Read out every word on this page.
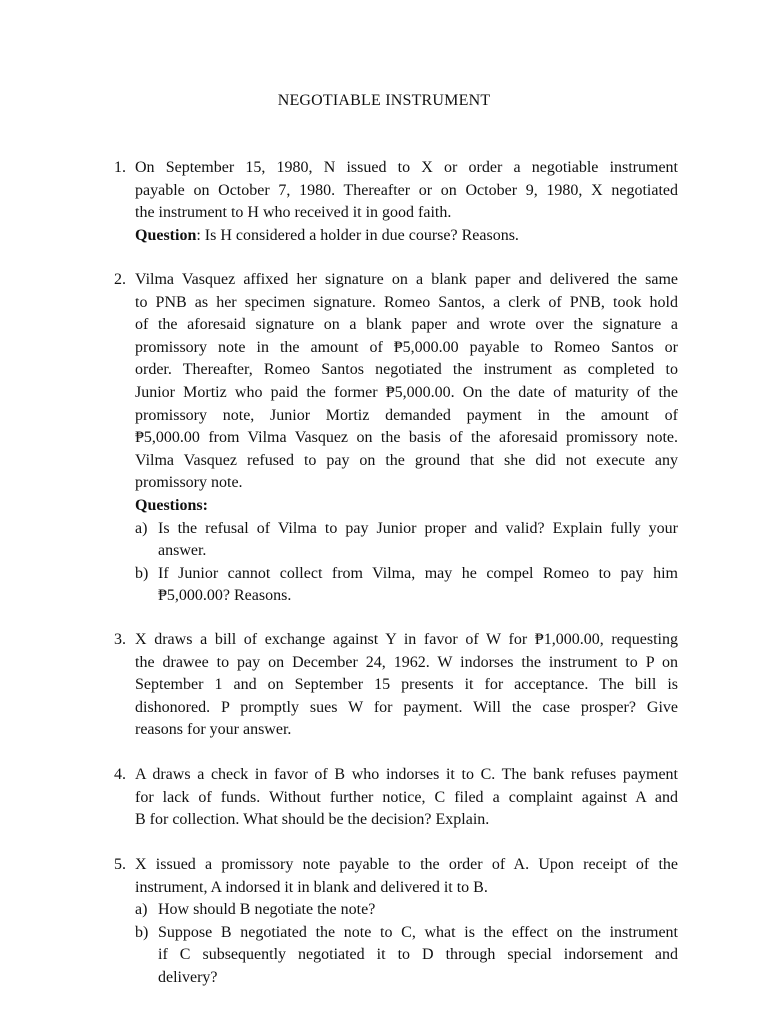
NEGOTIABLE INSTRUMENT
1. On September 15, 1980, N issued to X or order a negotiable instrument
payable on October 7, 1980. Thereafter or on October 9, 1980, X negotiated
the instrument to H who received it in good faith.
Question: Is H considered a holder in due course? Reasons.
2. Vilma Vasquez affixed her signature on a blank paper and delivered the same
to PNB as her specimen signature. Romeo Santos, a clerk of PNB, took hold
of the aforesaid signature on a blank paper and wrote over the signature a
promissory note in the amount of ₱5,000.00 payable to Romeo Santos or
order. Thereafter, Romeo Santos negotiated the instrument as completed to
Junior Mortiz who paid the former ₱5,000.00. On the date of maturity of the
promissory note, Junior Mortiz demanded payment in the amount of
₱5,000.00 from Vilma Vasquez on the basis of the aforesaid promissory note.
Vilma Vasquez refused to pay on the ground that she did not execute any
promissory note.
Questions:
a) Is the refusal of Vilma to pay Junior proper and valid? Explain fully your
answer.
b) If Junior cannot collect from Vilma, may he compel Romeo to pay him
₱5,000.00? Reasons.
3. X draws a bill of exchange against Y in favor of W for ₱1,000.00, requesting
the drawee to pay on December 24, 1962. W indorses the instrument to P on
September 1 and on September 15 presents it for acceptance. The bill is
dishonored. P promptly sues W for payment. Will the case prosper? Give
reasons for your answer.
4. A draws a check in favor of B who indorses it to C. The bank refuses payment
for lack of funds. Without further notice, C filed a complaint against A and
B for collection. What should be the decision? Explain.
5. X issued a promissory note payable to the order of A. Upon receipt of the
instrument, A indorsed it in blank and delivered it to B.
a) How should B negotiate the note?
b) Suppose B negotiated the note to C, what is the effect on the instrument
if C subsequently negotiated it to D through special indorsement and
delivery?
